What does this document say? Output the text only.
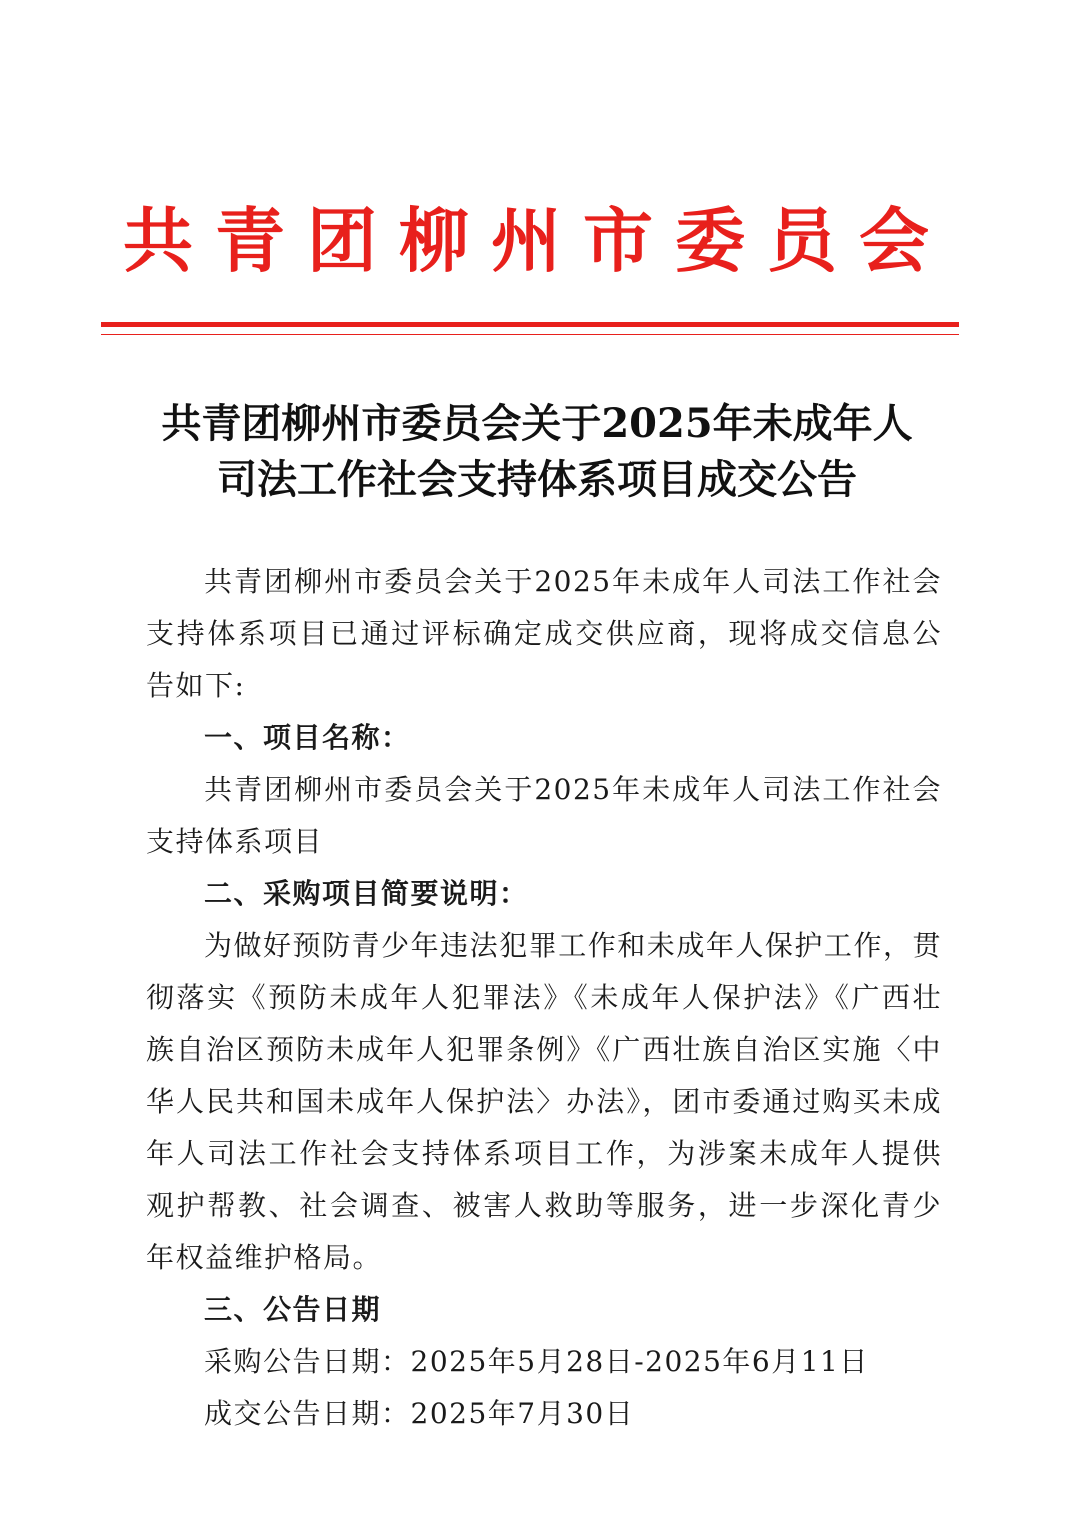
共青团柳州市委员会
共青团柳州市委员会关于2025年未成年人
司法工作社会支持体系项目成交公告

共青团柳州市委员会关于2025年未成年人司法工作社会支持体系项目已通过评标确定成交供应商，现将成交信息公告如下:

一、项目名称：

共青团柳州市委员会关于2025年未成年人司法工作社会支持体系项目

二、采购项目简要说明：

为做好预防青少年违法犯罪工作和未成年人保护工作，贯彻落实《预防未成年人犯罪法》《未成年人保护法》《广西壮族自治区预防未成年人犯罪条例》《广西壮族自治区实施〈中华人民共和国未成年人保护法〉办法》，团市委通过购买未成年人司法工作社会支持体系项目工作，为涉案未成年人提供观护帮教、社会调查、被害人救助等服务，进一步深化青少年权益维护格局。

三、公告日期

采购公告日期：2025年5月28日-2025年6月11日

成交公告日期：2025年7月30日
